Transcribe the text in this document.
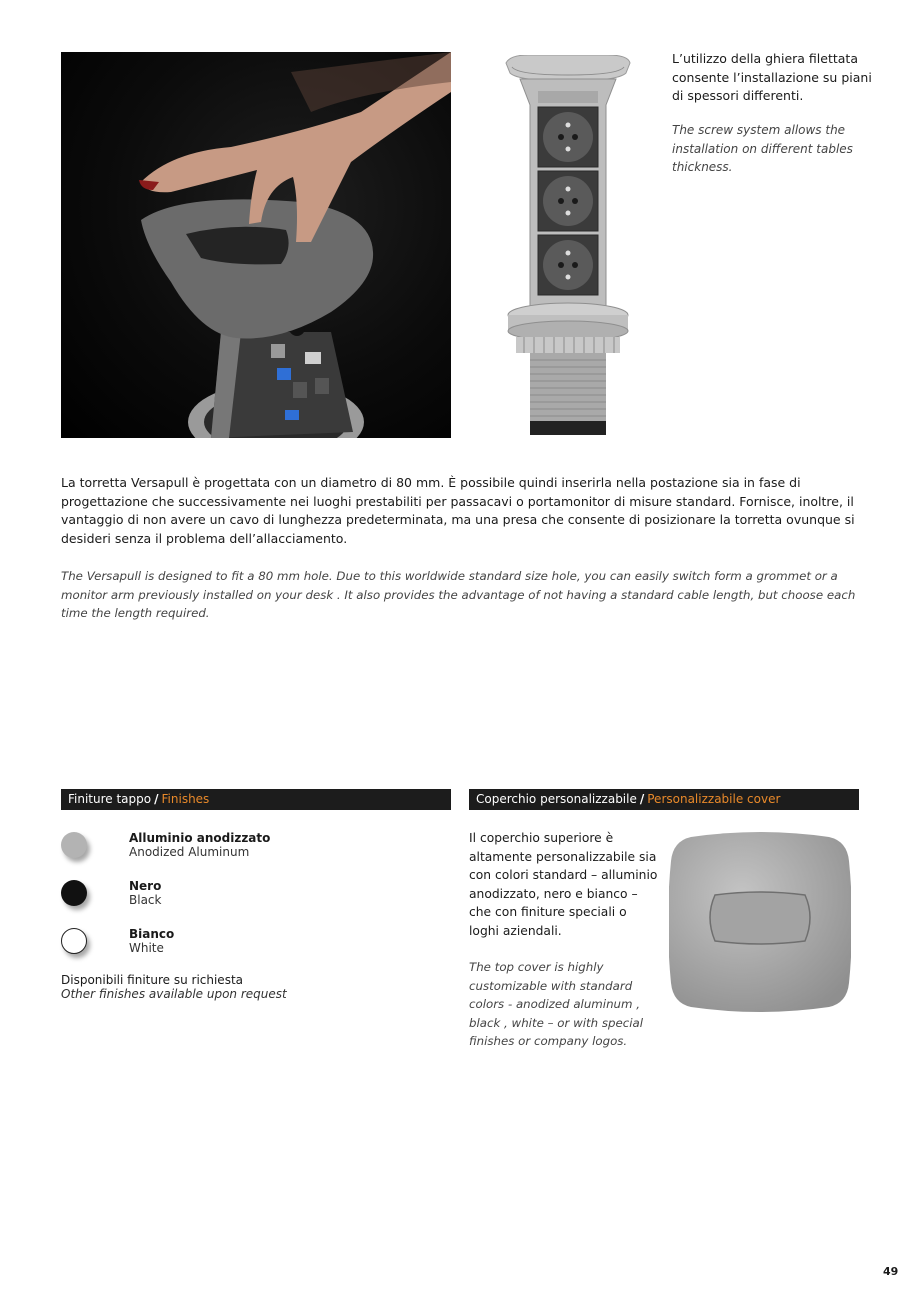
L’utilizzo della ghiera filettata consente l’installazione su piani di spessori differenti.
The screw system allows the installation on different tables thickness.
La torretta Versapull è progettata con un diametro di 80 mm. È possibile quindi inserirla nella postazione sia in fase di progettazione che successivamente nei luoghi prestabiliti per passacavi o portamonitor di misure standard. Fornisce, inoltre, il vantaggio di non avere un cavo di lunghezza predeterminata, ma una presa che consente di posizionare la torretta ovunque si desideri senza il problema dell’allacciamento.
The Versapull is designed to fit a 80 mm hole. Due to this worldwide standard size hole, you can easily switch form a grommet or a monitor arm previously installed on your desk . It also provides the advantage of not having a standard cable length, but choose each time the length required.
Finiture tappo / Finishes
Alluminio anodizzato
Anodized Aluminum
Nero
Black
Bianco
White
Disponibili finiture su richiesta
Other finishes available upon request
Coperchio personalizzabile / Personalizzabile cover
Il coperchio superiore è altamente personalizzabile sia con colori standard – alluminio anodizzato, nero e bianco – che con finiture speciali o loghi aziendali.
The top cover is highly customizable with standard colors - anodized aluminum , black , white – or with special finishes or company logos.
49
